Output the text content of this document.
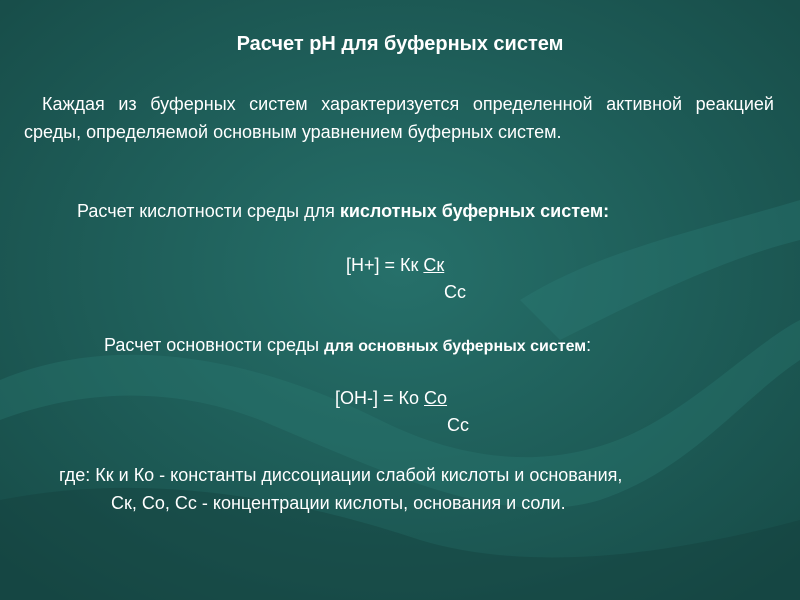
Расчет рН для буферных систем
Каждая из буферных систем характеризуется определенной активной реакцией среды, определяемой основным уравнением буферных систем.
Расчет кислотности среды для кислотных буферных систем:
[H+] = Кк Ск
Сс
Расчет основности среды для основных буферных систем:
[OH-] = Ко Со
Сс
где: Кк и Ко - константы диссоциации слабой кислоты и основания,
Ск, Со, Сс - концентрации кислоты, основания и соли.
